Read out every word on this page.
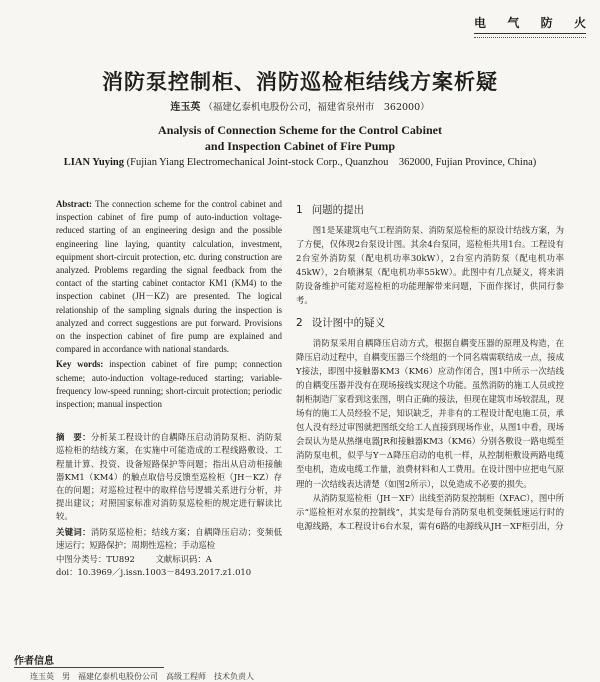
电 气 防 火
消防泵控制柜、消防巡检柜结线方案析疑
连玉英 （福建亿泰机电股份公司，福建省泉州市　362000）
Analysis of Connection Scheme for the Control Cabinet
and Inspection Cabinet of Fire Pump
LIAN Yuying (Fujian Yiang Electromechanical Joint-stock Corp., Quanzhou　362000, Fujian Province, China)
Abstract: The connection scheme for the control cabinet and inspection cabinet of fire pump of auto-induction voltage-reduced starting of an engineering design and the possible engineering line laying, quantity calculation, investment, equipment short-circuit protection, etc. during construction are analyzed. Problems regarding the signal feedback from the contact of the starting cabinet contactor KM1 (KM4) to the inspection cabinet (JH－KZ) are presented. The logical relationship of the sampling signals during the inspection is analyzed and correct suggestions are put forward. Provisions on the inspection cabinet of fire pump are explained and compared in accordance with national standards.
Key words: inspection cabinet of fire pump; connection scheme; auto-induction voltage-reduced starting; variable-frequency low-speed running; short-circuit protection; periodic inspection; manual inspection
摘　要：分析某工程设计的自耦降压启动消防泵柜、消防泵巡检柜的结线方案，在实施中可能造成的工程线路敷设、工程量计算、投资、设备短路保护等问题；指出从启动柜接触器KM1（KM4）的触点取信号反馈至巡检柜（JH－KZ）存在的问题；对巡检过程中的取样信号逻辑关系进行分析，并提出建议；对照国家标准对消防泵巡检柜的规定进行解读比较。
关键词：消防泵巡检柜；结线方案；自耦降压启动；变频低速运行；短路保护；周期性巡检；手动巡检
中图分类号：TU892 文献标识码：A
doi：10.3969／j.issn.1003－8493.2017.z1.010
1 问题的提出

图1是某建筑电气工程消防泵、消防泵巡检柜的原设计结线方案，为了方便，仅体现2台泵设计图。其余4台泵同，巡检柜共用1台。工程设有2台室外消防泵（配电机功率30kW），2台室内消防泵（配电机功率45kW），2台喷淋泵（配电机功率55kW）。此图中有几点疑义，将来消防设备维护可能对巡检柜的功能理解带来问题，下面作探讨，供同行参考。

2 设计图中的疑义

消防泵采用自耦降压启动方式，根据自耦变压器的原理及构造，在降压启动过程中，自耦变压器三个绕组的一个同名端需联结成一点，接成Y接法，即图中接触器KM3（KM6）应动作闭合，图1中所示一次结线的自耦变压器并没有在现场接线实现这个功能。虽然消防的施工人员或控制柜制造厂家看到这张图，明白正确的接法，但现在建筑市场较混乱，现场有的施工人员经验不足，知识缺乏，并非有的工程设计配电施工员，承包人没有经过审图就把图纸交给工人直接到现场作业，从图1中看，现场会误认为是从热继电器JR和接触器KM3（KM6）分别各敷设一路电缆至消防泵电机，似乎与Y－Δ降压启动的电机一样，从控制柜敷设两路电缆至电机，造成电缆工作量，浪费材料和人工费用。在设计图中应把电气原理的一次结线表达清楚（如图2所示），以免造成不必要的损失。

从消防泵巡检柜（JH－XF）出线至消防泵控制柜（XFAC），图中所示“巡检柜对水泵的控制线”，其实是每台消防泵电机变频低速运行时的电源线路，本工程设计6台水泵，需有6路的电源线从JH－XF柜引出，分

作者信息
连玉英　男　福建亿泰机电股份公司　高级工程师　技术负责人
